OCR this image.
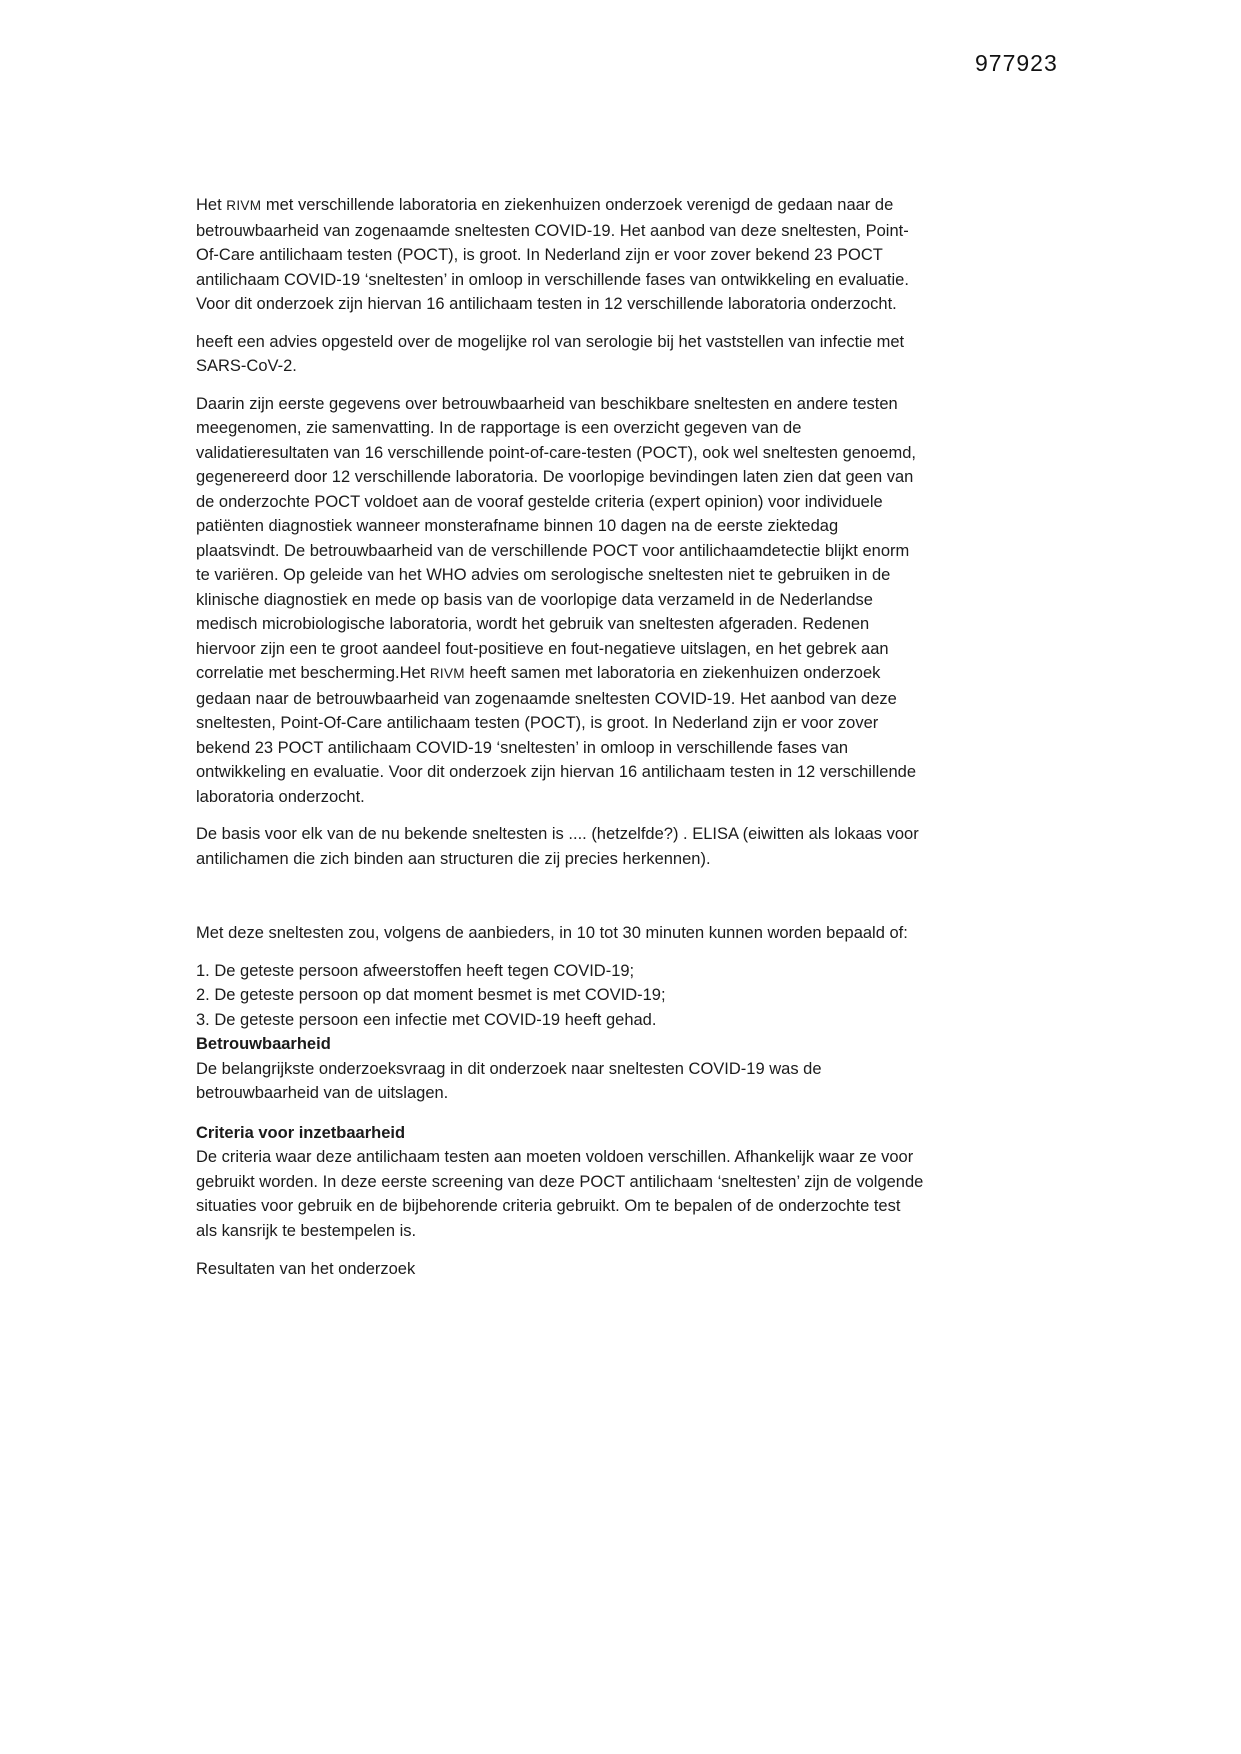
977923

Het RIVM met verschillende laboratoria en ziekenhuizen onderzoek verenigd de gedaan naar de betrouwbaarheid van zogenaamde sneltesten COVID-19. Het aanbod van deze sneltesten, Point-Of-Care antilichaam testen (POCT), is groot. In Nederland zijn er voor zover bekend 23 POCT antilichaam COVID-19 ‘sneltesten’ in omloop in verschillende fases van ontwikkeling en evaluatie. Voor dit onderzoek zijn hiervan 16 antilichaam testen in 12 verschillende laboratoria onderzocht.

heeft een advies opgesteld over de mogelijke rol van serologie bij het vaststellen van infectie met SARS-CoV-2.

Daarin zijn eerste gegevens over betrouwbaarheid van beschikbare sneltesten en andere testen meegenomen, zie samenvatting. In de rapportage is een overzicht gegeven van de validatieresultaten van 16 verschillende point-of-care-testen (POCT), ook wel sneltesten genoemd, gegenereerd door 12 verschillende laboratoria. De voorlopige bevindingen laten zien dat geen van de onderzochte POCT voldoet aan de vooraf gestelde criteria (expert opinion) voor individuele patiënten diagnostiek wanneer monsterafname binnen 10 dagen na de eerste ziektedag plaatsvindt. De betrouwbaarheid van de verschillende POCT voor antilichaamdetectie blijkt enorm te variëren. Op geleide van het WHO advies om serologische sneltesten niet te gebruiken in de klinische diagnostiek en mede op basis van de voorlopige data verzameld in de Nederlandse medisch microbiologische laboratoria, wordt het gebruik van sneltesten afgeraden. Redenen hiervoor zijn een te groot aandeel fout-positieve en fout-negatieve uitslagen, en het gebrek aan correlatie met bescherming.Het RIVM heeft samen met laboratoria en ziekenhuizen onderzoek gedaan naar de betrouwbaarheid van zogenaamde sneltesten COVID-19. Het aanbod van deze sneltesten, Point-Of-Care antilichaam testen (POCT), is groot. In Nederland zijn er voor zover bekend 23 POCT antilichaam COVID-19 ‘sneltesten’ in omloop in verschillende fases van ontwikkeling en evaluatie. Voor dit onderzoek zijn hiervan 16 antilichaam testen in 12 verschillende laboratoria onderzocht.

De basis voor elk van de nu bekende sneltesten is .... (hetzelfde?) . ELISA (eiwitten als lokaas voor antilichamen die zich binden aan structuren die zij precies herkennen).

Met deze sneltesten zou, volgens de aanbieders, in 10 tot 30 minuten kunnen worden bepaald of:

1. De geteste persoon afweerstoffen heeft tegen COVID-19;

2. De geteste persoon op dat moment besmet is met COVID-19;

3. De geteste persoon een infectie met COVID-19 heeft gehad.

Betrouwbaarheid

De belangrijkste onderzoeksvraag in dit onderzoek naar sneltesten COVID-19 was de betrouwbaarheid van de uitslagen.

Criteria voor inzetbaarheid

De criteria waar deze antilichaam testen aan moeten voldoen verschillen. Afhankelijk waar ze voor gebruikt worden. In deze eerste screening van deze POCT antilichaam ‘sneltesten’ zijn de volgende situaties voor gebruik en de bijbehorende criteria gebruikt. Om te bepalen of de onderzochte test als kansrijk te bestempelen is.

Resultaten van het onderzoek
